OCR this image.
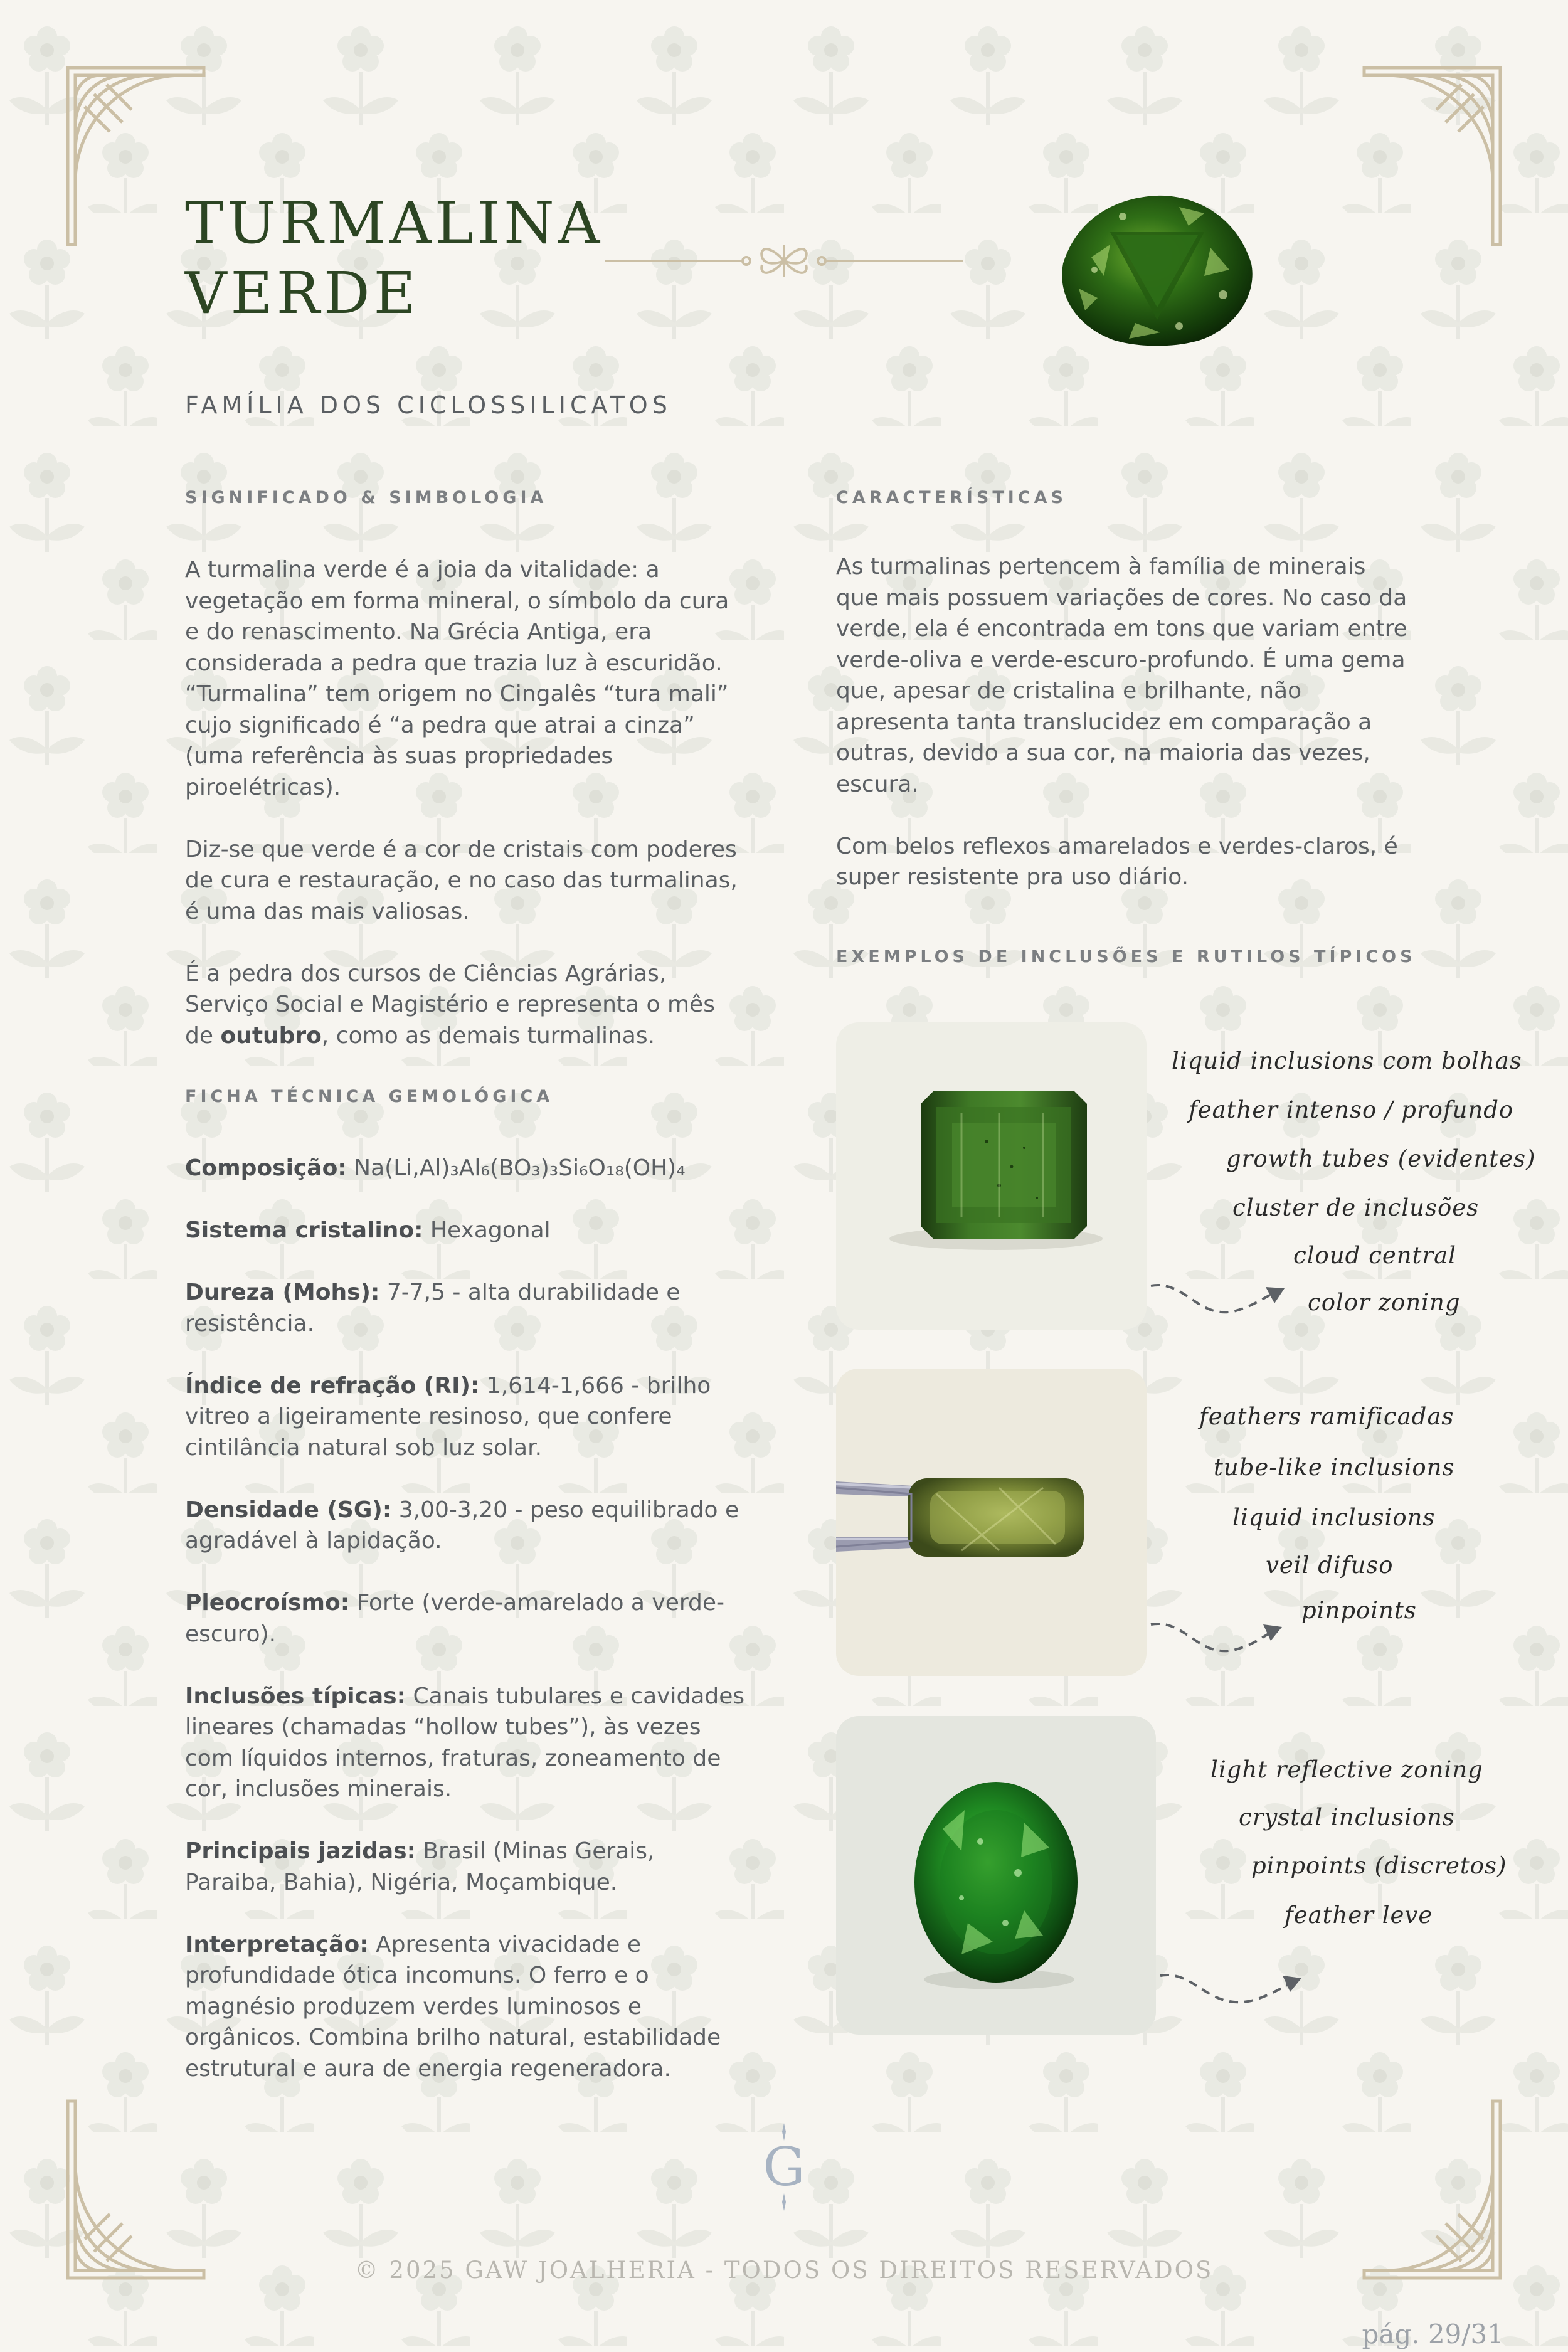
TURMALINA
VERDE
FAMÍLIA DOS CICLOSSILICATOS
SIGNIFICADO & SIMBOLOGIA

A turmalina verde é a joia da vitalidade: a vegetação em forma mineral, o símbolo da cura e do renascimento. Na Grécia Antiga, era considerada a pedra que trazia luz à escuridão. “Turmalina” tem origem no Cingalês “tura mali” cujo significado é “a pedra que atrai a cinza” (uma referência às suas propriedades piroelétricas).

Diz-se que verde é a cor de cristais com poderes de cura e restauração, e no caso das turmalinas, é uma das mais valiosas.

É a pedra dos cursos de Ciências Agrárias, Serviço Social e Magistério e representa o mês de outubro, como as demais turmalinas.

FICHA TÉCNICA GEMOLÓGICA

Composição: Na(Li,Al)₃Al₆(BO₃)₃Si₆O₁₈(OH)₄

Sistema cristalino: Hexagonal

Dureza (Mohs): 7-7,5 - alta durabilidade e resistência.

Índice de refração (RI): 1,614-1,666 - brilho vitreo a ligeiramente resinoso, que confere cintilância natural sob luz solar.

Densidade (SG): 3,00-3,20 - peso equilibrado e agradável à lapidação.

Pleocroísmo: Forte (verde-amarelado a verde-escuro).

Inclusões típicas: Canais tubulares e cavidades lineares (chamadas “hollow tubes”), às vezes com líquidos internos, fraturas, zoneamento de cor, inclusões minerais.

Principais jazidas: Brasil (Minas Gerais, Paraiba, Bahia), Nigéria, Moçambique.

Interpretação: Apresenta vivacidade e profundidade ótica incomuns. O ferro e o magnésio produzem verdes luminosos e orgânicos. Combina brilho natural, estabilidade estrutural e aura de energia regeneradora.

CARACTERÍSTICAS

As turmalinas pertencem à família de minerais que mais possuem variações de cores. No caso da verde, ela é encontrada em tons que variam entre verde-oliva e verde-escuro-profundo. É uma gema que, apesar de cristalina e brilhante, não apresenta tanta translucidez em comparação a outras, devido a sua cor, na maioria das vezes, escura.

Com belos reflexos amarelados e verdes-claros, é super resistente pra uso diário.

EXEMPLOS DE INCLUSÕES E RUTILOS TÍPICOS
liquid inclusions com bolhas
feather intenso / profundo
growth tubes (evidentes)
cluster de inclusões
cloud central
color zoning
feathers ramificadas
tube-like inclusions
liquid inclusions
veil difuso
pinpoints
light reflective zoning
crystal inclusions
pinpoints (discretos)
feather leve
G
© 2025 GAW JOALHERIA - TODOS OS DIREITOS RESERVADOS
pág. 29/31
